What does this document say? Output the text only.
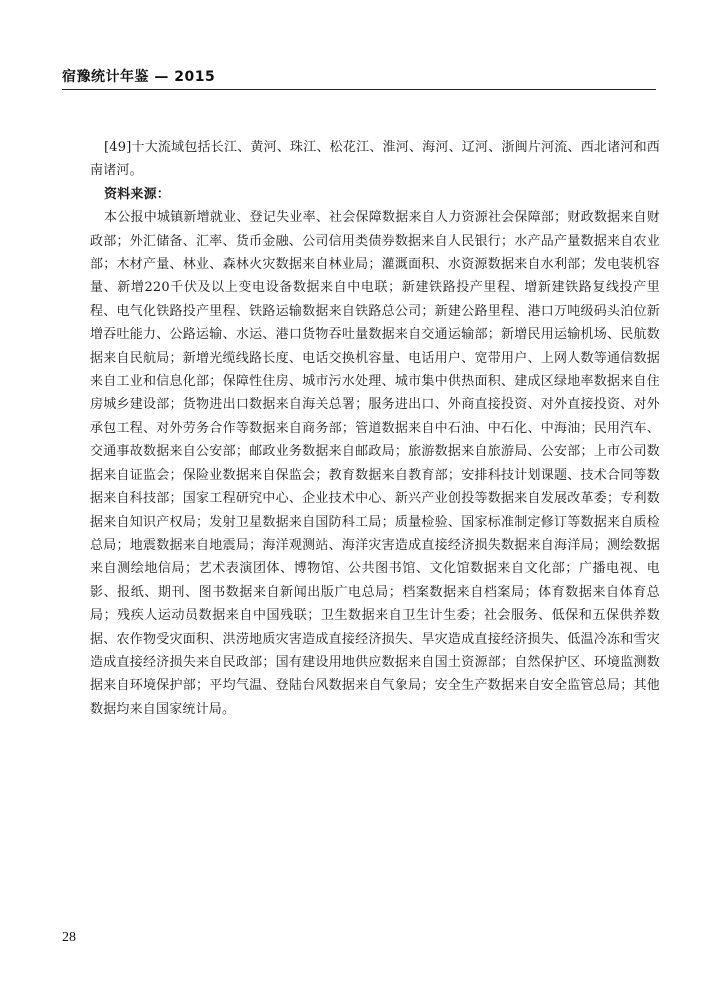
宿豫统计年鉴 — 2015

[49]十大流域包括长江、黄河、珠江、松花江、淮河、海河、辽河、浙闽片河流、西北诸河和西南诸河。

资料来源：

本公报中城镇新增就业、登记失业率、社会保障数据来自人力资源社会保障部；财政数据来自财政部；外汇储备、汇率、货币金融、公司信用类债券数据来自人民银行；水产品产量数据来自农业部；木材产量、林业、森林火灾数据来自林业局；灌溉面积、水资源数据来自水利部；发电装机容量、新增220千伏及以上变电设备数据来自中电联；新建铁路投产里程、增新建铁路复线投产里程、电气化铁路投产里程、铁路运输数据来自铁路总公司；新建公路里程、港口万吨级码头泊位新增吞吐能力、公路运输、水运、港口货物吞吐量数据来自交通运输部；新增民用运输机场、民航数据来自民航局；新增光缆线路长度、电话交换机容量、电话用户、宽带用户、上网人数等通信数据来自工业和信息化部；保障性住房、城市污水处理、城市集中供热面积、建成区绿地率数据来自住房城乡建设部；货物进出口数据来自海关总署；服务进出口、外商直接投资、对外直接投资、对外承包工程、对外劳务合作等数据来自商务部；管道数据来自中石油、中石化、中海油；民用汽车、交通事故数据来自公安部；邮政业务数据来自邮政局；旅游数据来自旅游局、公安部；上市公司数据来自证监会；保险业数据来自保监会；教育数据来自教育部；安排科技计划课题、技术合同等数据来自科技部；国家工程研究中心、企业技术中心、新兴产业创投等数据来自发展改革委；专利数据来自知识产权局；发射卫星数据来自国防科工局；质量检验、国家标准制定修订等数据来自质检总局；地震数据来自地震局；海洋观测站、海洋灾害造成直接经济损失数据来自海洋局；测绘数据来自测绘地信局；艺术表演团体、博物馆、公共图书馆、文化馆数据来自文化部；广播电视、电影、报纸、期刊、图书数据来自新闻出版广电总局；档案数据来自档案局；体育数据来自体育总局；残疾人运动员数据来自中国残联；卫生数据来自卫生计生委；社会服务、低保和五保供养数据、农作物受灾面积、洪涝地质灾害造成直接经济损失、旱灾造成直接经济损失、低温冷冻和雪灾造成直接经济损失来自民政部；国有建设用地供应数据来自国土资源部；自然保护区、环境监测数据来自环境保护部；平均气温、登陆台风数据来自气象局；安全生产数据来自安全监管总局；其他数据均来自国家统计局。

28
